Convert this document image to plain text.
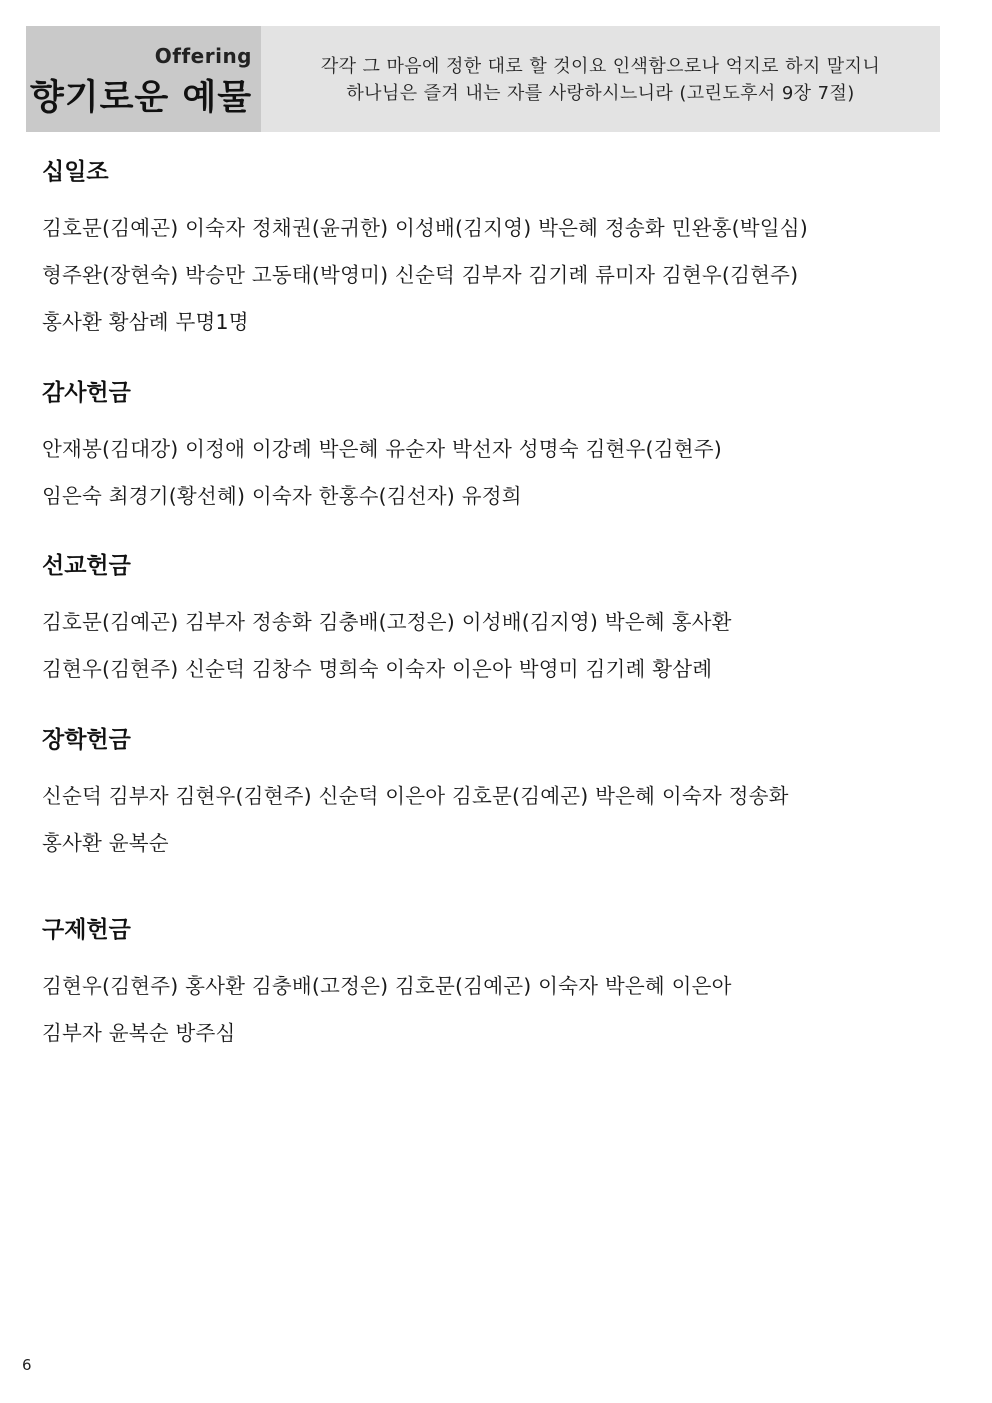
Offering
향기로운 예물
각각 그 마음에 정한 대로 할 것이요 인색함으로나 억지로 하지 말지니
하나님은 즐겨 내는 자를 사랑하시느니라 (고린도후서 9장 7절)
십일조
김호문(김예곤) 이숙자 정채권(윤귀한) 이성배(김지영) 박은혜 정송화 민완홍(박일심)
형주완(장현숙) 박승만 고동태(박영미) 신순덕 김부자 김기례 류미자 김현우(김현주)
홍사환 황삼례 무명1명
감사헌금
안재봉(김대강) 이정애 이강례 박은혜 유순자 박선자 성명숙 김현우(김현주)
임은숙 최경기(황선혜) 이숙자 한홍수(김선자) 유정희
선교헌금
김호문(김예곤) 김부자 정송화 김충배(고정은) 이성배(김지영) 박은혜 홍사환
김현우(김현주) 신순덕 김창수 명희숙 이숙자 이은아 박영미 김기례 황삼례
장학헌금
신순덕 김부자 김현우(김현주) 신순덕 이은아 김호문(김예곤) 박은혜 이숙자 정송화
홍사환 윤복순
구제헌금
김현우(김현주) 홍사환 김충배(고정은) 김호문(김예곤) 이숙자 박은혜 이은아
김부자 윤복순 방주심
6
